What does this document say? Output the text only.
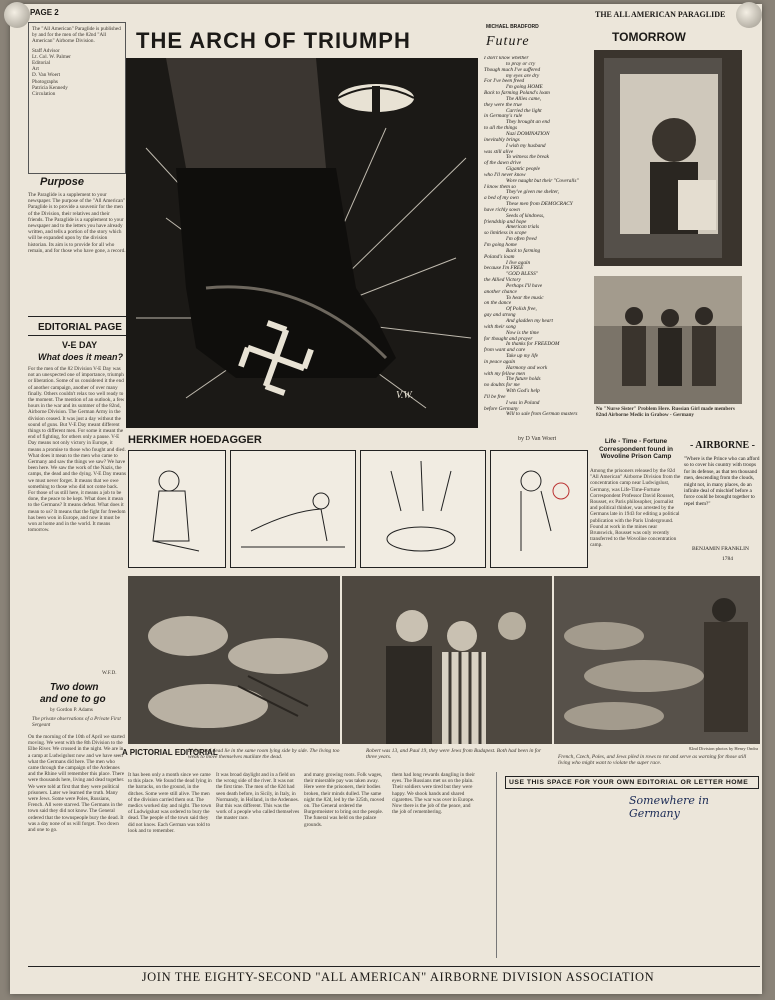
PAGE 2	THE ALL AMERICAN PARAGLIDE
The "All American" Paraglide is published by and for the men of the 82nd "All American" Airborne Division.
Staff Advisor
Lt. Col. W. Palmer
Editorial
Art
D. Van Woert
Photographs
Patricia Kennedy
Circulation
Purpose
The Paraglide is a supplement to your newspaper. The purpose of the "All American" Paraglide is to provide a souvenir for the men of the Division, their relatives and their friends. The Paraglide is a supplement to your newspaper and to the letters you have already written, and tells a portion of the story which will be expanded upon by the division historian. Its aim is to provide for all who remain, and for those who have gone, a record.
EDITORIAL PAGE
V-E DAY
What does it mean?
For the men of the 82 Division V-E Day was not an unexpected one of importance, triumph or liberation. Some of us considered it the end of another campaign, another of over many finally. Others couldn't relax too well ready to the moment. The mention of an outlook, a few hours in the war and its summer of the 82nd, Airborne Division. The German Army in the division ceased. It was just a day without the sound of guns. But V-E Day meant different things to different men. For some it meant the end of fighting, for others only a pause. V-E Day means not only victory in Europe, it means a promise to those who fought and died. What does it mean to the men who came to Germany and saw the things we saw? We have been here. We saw the work of the Nazis, the camps, the dead and the dying. V-E Day means we must never forget. It means that we owe something to those who did not come back. For those of us still here, it means a job to be done, the peace to be kept. What does it mean to the Germans? It means defeat. What does it mean to us? It means that the fight for freedom has been won in Europe, and now it must be won at home and in the world. It means tomorrow.
W.F.D.
Two down
and one to go
by Gordon P. Adams
The private observations of a Private First Sergeant
On the morning of the 10th of April we started moving. We went with the 8th Division to the Elbe River. We crossed in the night. We are in a camp at Ludwigslust now and we have seen what the Germans did here. The men who came through the campaign of the Ardennes and the Rhine will remember this place. There were thousands here, living and dead together. We were told at first that they were political prisoners. Later we learned the truth. Many were Jews. Some were Poles, Russians, French. All were starved. The Germans in the town said they did not know. The General ordered that the townspeople bury the dead. It was a day none of us will forget. Two down and one to go.
THE ARCH OF TRIUMPH
V.W.
MICHAEL BRADFORD
Future
I don't know whether
to pray or cry
Though much I've suffered
my eyes are dry
For I've been freed
I'm going HOME
Back to farming Poland's loam
The Allies came,
they were the true
Carried the light
in Germany's rule
They brought an end
to all the things
Nazi DOMINATION
inevitably brings
I wish my husband
was still alive
To witness the break
of the dawn drive
Gigantic people
who I'll never know
Wore naught but their "Coveralls"
I know them so
They've given me shelter,
a bed of my own
These men from DEMOCRACY
have richly sown
Seeds of kindness,
friendship and hope
American trials
so limitless in scope
I'm often freed
I'm going home
Back to farming
Poland's loam
I live again
because I'm FREE
"GOD BLESS"
the Allied Victory
Perhaps I'll have
another chance
To hear the music
on the dance
Of Polish free,
gay and strong
And gladden my heart
with their song
Now is the time
for thought and prayer
In thanks for FREEDOM
from want and care
Take up my life
in peace again
Harmony and work
with my fellow men
The future holds
no doubts for me
With God's help
I'll be free
I was in Poland
before Germany
Will to sale from German masters
TOMORROW
No "Nurse Sister" Problem Here. Russian Girl made members 82nd Airborne Medic in Grabow - Germany
HERKIMER HOEDAGGER	by D Van Woert	Life - Time - Fortune Correspondent found in Wovoline Prison Camp
Among the prisoners released by the 82d "All American" Airborne Division from the concentration camp near Ludwigslust, Germany, was Life-Time-Fortune Correspondent Professor David Rousset, Rousset, ex Paris philosopher, journalist and political thinker, was arrested by the Germans late in 1943 for editing a political publication with the Paris Underground. Found at work in the mines near Brunswick, Rousset was only recently transferred to the Wovoline concentration camp.
- AIRBORNE -
"Where is the Prince who can afford so to cover his country with troops for its defense, as that ten thousand men, descending from the clouds, might not, in many places, do an infinite deal of mischief before a force could be brought together to repel them?"
BENJAMIN FRANKLIN
1784
A PICTORIAL EDITORIAL
Living and dead lie in the same room lying side by side. The living too weak to move themselves mutilate the dead.
Robert was 13, and Paul 19, they were Jews from Budapest. Both had been in for three years.
82nd Division photos by Henry Ondra
French, Czech, Poles, and Jews piled in rows to rot and serve as warning for those still living who might want to violate the super race.
It has been only a month since we came to this place. We found the dead lying in the barracks, on the ground, in the ditches. Some were still alive. The men of the division carried them out. The medics worked day and night. The town of Ludwigslust was ordered to bury the dead. The people of the town said they did not know. Each German was told to look and to remember.
It was broad daylight and in a field on the wrong side of the river. It was not the first time. The men of the 82d had seen death before, in Sicily, in Italy, in Normandy, in Holland, in the Ardennes. But this was different. This was the work of a people who called themselves the master race.
and many growing roots. Folk wages, their miserable pay was taken away. Here were the prisoners, their bodies broken, their minds dulled. The same night the 82d, led by the 325th, moved on. The General ordered the Burgermeister to bring out the people. The funeral was held on the palace grounds.
them had long rewards dangling in their eyes. The Russians met us on the plain. Their soldiers were tired but they were happy. We shook hands and shared cigarettes. The war was over in Europe. Now there is the job of the peace, and the job of remembering.
USE THIS SPACE FOR YOUR OWN EDITORIAL OR LETTER HOME
Somewhere in Germany
JOIN THE EIGHTY-SECOND "ALL AMERICAN" AIRBORNE DIVISION ASSOCIATION
